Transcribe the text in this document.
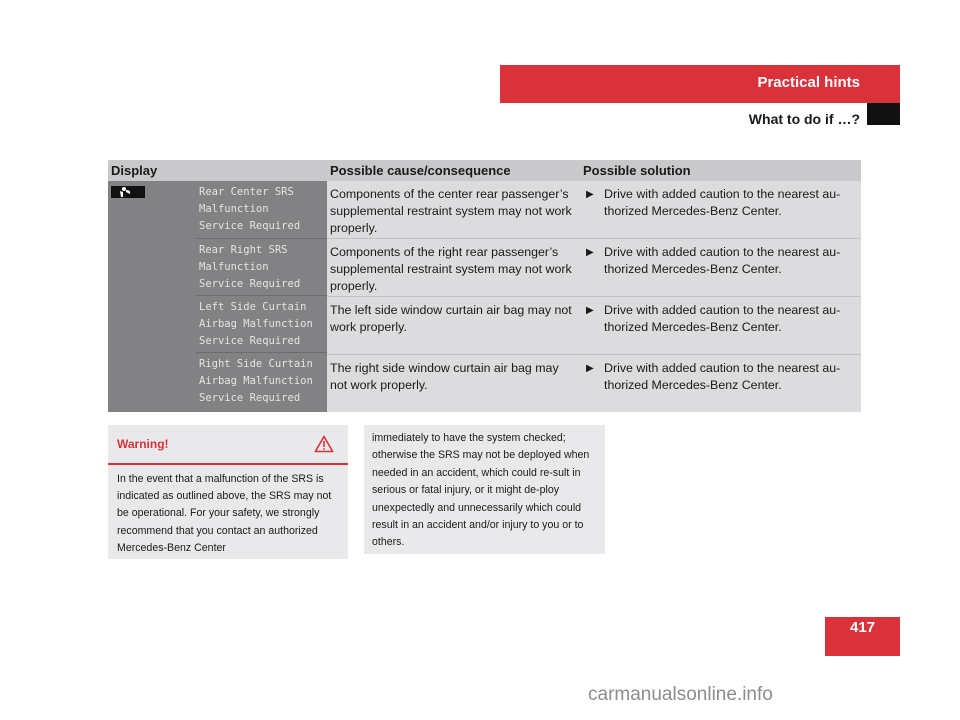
Practical hints
What to do if …?
Display	Possible cause/consequence	Possible solution
Rear Center SRS
Malfunction
Service Required
Rear Right SRS
Malfunction
Service Required
Left Side Curtain
Airbag Malfunction
Service Required
Right Side Curtain
Airbag Malfunction
Service Required
Components of the center rear passenger’s supplemental restraint system may not work properly.
▶ Drive with added caution to the nearest au-thorized Mercedes-Benz Center.
Components of the right rear passenger’s supplemental restraint system may not work properly.
▶ Drive with added caution to the nearest au-thorized Mercedes-Benz Center.
The left side window curtain air bag may not work properly.
▶ Drive with added caution to the nearest au-thorized Mercedes-Benz Center.
The right side window curtain air bag may not work properly.
▶ Drive with added caution to the nearest au-thorized Mercedes-Benz Center.
Warning!
In the event that a malfunction of the SRS is indicated as outlined above, the SRS may not be operational. For your safety, we strongly recommend that you contact an authorized Mercedes-Benz Center
immediately to have the system checked; otherwise the SRS may not be deployed when needed in an accident, which could re-sult in serious or fatal injury, or it might de-ploy unexpectedly and unnecessarily which could result in an accident and/or injury to you or to others.
417
carmanualsonline.info
